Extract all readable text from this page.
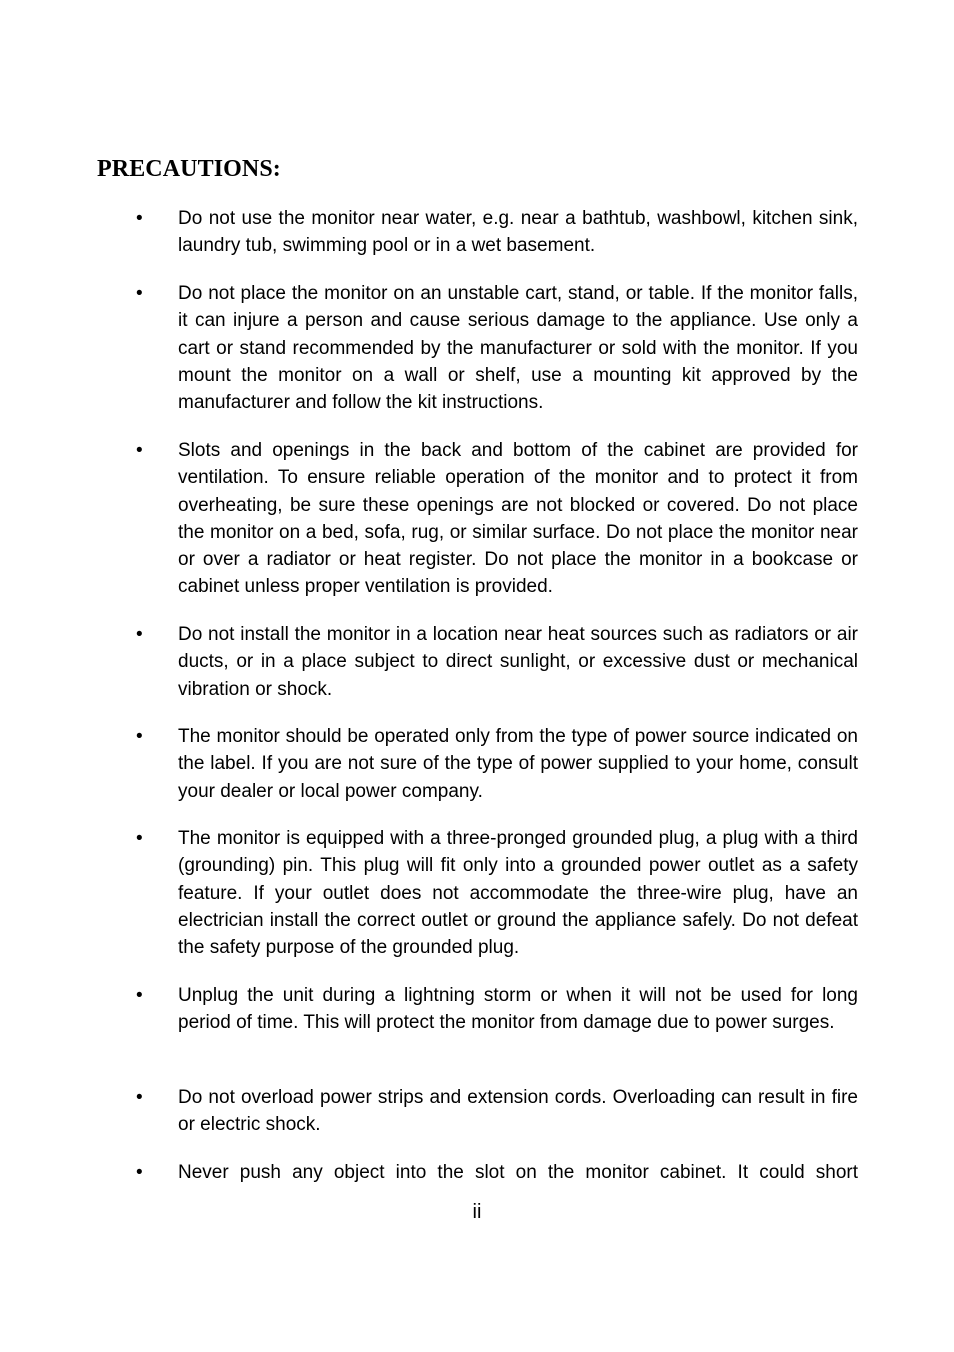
PRECAUTIONS:
• Do not use the monitor near water, e.g. near a bathtub, washbowl, kitchen sink, laundry tub, swimming pool or in a wet basement.

• Do not place the monitor on an unstable cart, stand, or table. If the monitor falls, it can injure a person and cause serious damage to the appliance. Use only a cart or stand recommended by the manufacturer or sold with the monitor. If you mount the monitor on a wall or shelf, use a mounting kit approved by the manufacturer and follow the kit instructions.

• Slots and openings in the back and bottom of the cabinet are provided for ventilation. To ensure reliable operation of the monitor and to protect it from overheating, be sure these openings are not blocked or covered. Do not place the monitor on a bed, sofa, rug, or similar surface. Do not place the monitor near or over a radiator or heat register. Do not place the monitor in a bookcase or cabinet unless proper ventilation is provided.

• Do not install the monitor in a location near heat sources such as radiators or air ducts, or in a place subject to direct sunlight, or excessive dust or mechanical vibration or shock.

• The monitor should be operated only from the type of power source indicated on the label. If you are not sure of the type of power supplied to your home, consult your dealer or local power company.

• The monitor is equipped with a three-pronged grounded plug, a plug with a third (grounding) pin. This plug will fit only into a grounded power outlet as a safety feature. If your outlet does not accommodate the three-wire plug, have an electrician install the correct outlet or ground the appliance safely. Do not defeat the safety purpose of the grounded plug.

• Unplug the unit during a lightning storm or when it will not be used for long period of time. This will protect the monitor from damage due to power surges.

• Do not overload power strips and extension cords. Overloading can result in fire or electric shock.

• Never push any object into the slot on the monitor cabinet. It could short

ii
